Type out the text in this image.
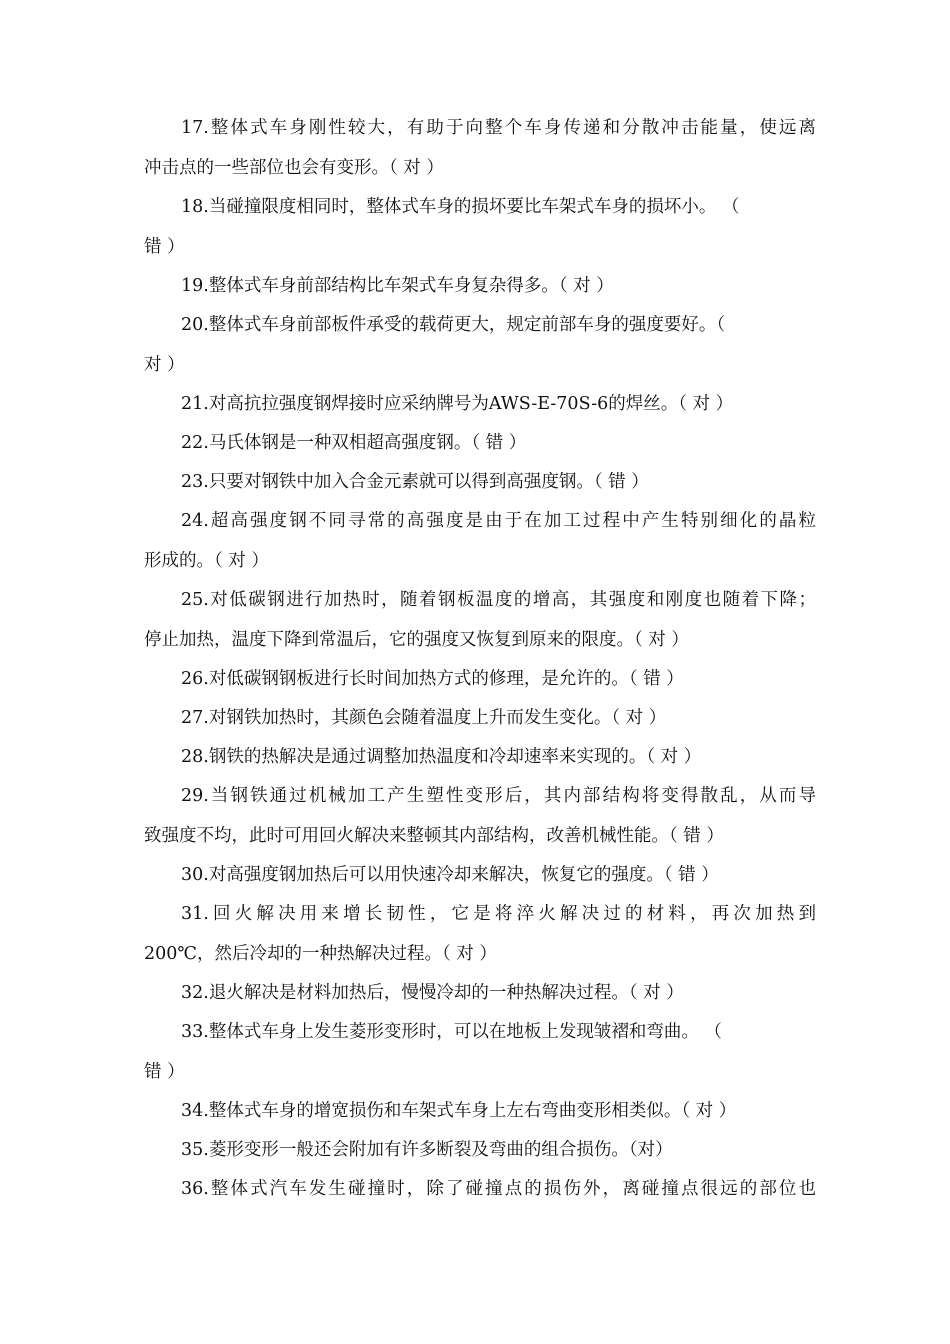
17.整体式车身刚性较大，有助于向整个车身传递和分散冲击能量，使远离
冲击点的一些部位也会有变形。（ 对 ）
18.当碰撞限度相同时，整体式车身的损坏要比车架式车身的损坏小。 （
错 ）
19.整体式车身前部结构比车架式车身复杂得多。（ 对 ）
20.整体式车身前部板件承受的载荷更大，规定前部车身的强度要好。（
对 ）
21.对高抗拉强度钢焊接时应采纳牌号为AWS-E-70S-6的焊丝。（ 对 ）
22.马氏体钢是一种双相超高强度钢。（ 错 ）
23.只要对钢铁中加入合金元素就可以得到高强度钢。（ 错 ）
24.超高强度钢不同寻常的高强度是由于在加工过程中产生特别细化的晶粒
形成的。（ 对 ）
25.对低碳钢进行加热时，随着钢板温度的增高，其强度和刚度也随着下降；
停止加热，温度下降到常温后，它的强度又恢复到原来的限度。（ 对 ）
26.对低碳钢钢板进行长时间加热方式的修理，是允许的。（ 错 ）
27.对钢铁加热时，其颜色会随着温度上升而发生变化。（ 对 ）
28.钢铁的热解决是通过调整加热温度和冷却速率来实现的。（ 对 ）
29.当钢铁通过机械加工产生塑性变形后，其内部结构将变得散乱，从而导
致强度不均，此时可用回火解决来整顿其内部结构，改善机械性能。（ 错 ）
30.对高强度钢加热后可以用快速冷却来解决，恢复它的强度。（ 错 ）
31.回火解决用来增长韧性，它是将淬火解决过的材料，再次加热到
200℃，然后冷却的一种热解决过程。（ 对 ）
32.退火解决是材料加热后，慢慢冷却的一种热解决过程。（ 对 ）
33.整体式车身上发生菱形变形时，可以在地板上发现皱褶和弯曲。 （
错 ）
34.整体式车身的增宽损伤和车架式车身上左右弯曲变形相类似。（ 对 ）
35.菱形变形一般还会附加有许多断裂及弯曲的组合损伤。（对）
36.整体式汽车发生碰撞时，除了碰撞点的损伤外，离碰撞点很远的部位也
